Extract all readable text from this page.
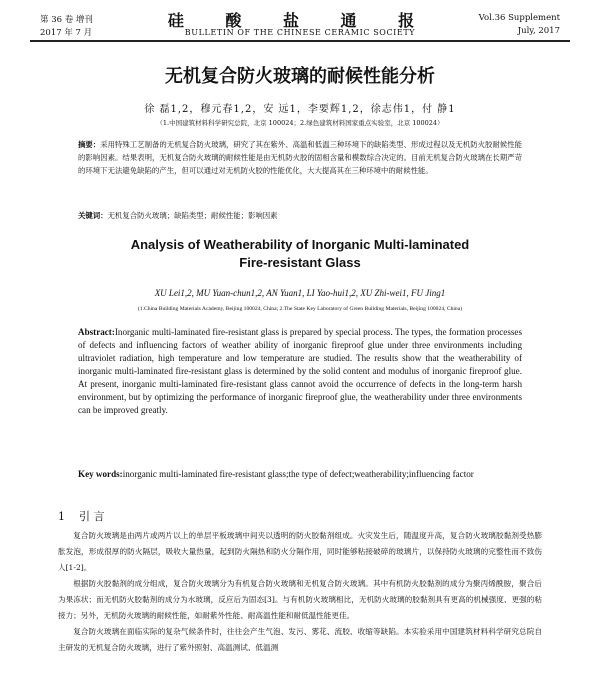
第 36 卷 增刊
2017 年 7 月
硅 酸 盐 通 报
BULLETIN OF THE CHINESE CERAMIC SOCIETY
Vol.36 Supplement
July, 2017
无机复合防火玻璃的耐候性能分析
徐 磊1,2，穆元春1,2，安 远1，李要辉1,2，徐志伟1，付 静1
（1.中国建筑材料科学研究总院，北京 100024；2.绿色建筑材料国家重点实验室，北京 100024）
摘要：采用特殊工艺制备的无机复合防火玻璃，研究了其在紫外、高温和低温三种环境下的缺陷类型、形成过程以及无机防火胶耐候性能的影响因素。结果表明，无机复合防火玻璃的耐候性能是由无机防火胶的固相含量和模数综合决定的。目前无机复合防火玻璃在长期严苛的环境下无法避免缺陷的产生，但可以通过对无机防火胶的性能优化，大大提高其在三种环境中的耐候性能。
关键词：无机复合防火玻璃；缺陷类型；耐候性能；影响因素
Analysis of Weatherability of Inorganic Multi-laminated
Fire-resistant Glass
XU Lei1,2, MU Yuan-chun1,2, AN Yuan1, LI Yao-hui1,2, XU Zhi-wei1, FU Jing1
(1.China Building Materials Academy, Beijing 100024, China; 2.The State Key Laboratory of Green Building Materials, Beijing 100024, China)
Abstract:Inorganic multi-laminated fire-resistant glass is prepared by special process. The types, the formation processes of defects and influencing factors of weather ability of inorganic fireproof glue under three environments including ultraviolet radiation, high temperature and low temperature are studied. The results show that the weatherability of inorganic multi-laminated fire-resistant glass is determined by the solid content and modulus of inorganic fireproof glue. At present, inorganic multi-laminated fire-resistant glass cannot avoid the occurrence of defects in the long-term harsh environment, but by optimizing the performance of inorganic fireproof glue, the weatherability under three environments can be improved greatly.
Key words:inorganic multi-laminated fire-resistant glass;the type of defect;weatherability;influencing factor
1 引 言

复合防火玻璃是由两片或两片以上的单层平板玻璃中间夹以透明的防火胶黏剂组成。火灾发生后，随温度升高，复合防火玻璃胶黏剂受热膨胀发泡，形成很厚的防火隔层，吸收大量热量，起到防火隔热和防火分隔作用，同时能够粘接破碎的玻璃片，以保持防火玻璃的完整性而不致伤人[1-2]。

根据防火胶黏剂的成分组成，复合防火玻璃分为有机复合防火玻璃和无机复合防火玻璃。其中有机防火胶黏剂的成分为聚丙烯酰胺，聚合后为果冻状；而无机防火胶黏剂的成分为水玻璃，反应后为固态[3]。与有机防火玻璃相比，无机防火玻璃的胶黏剂具有更高的机械强度、更强的粘接力；另外，无机防火玻璃的耐候性能，如耐紫外性能、耐高温性能和耐低温性能更佳。

复合防火玻璃在面临实际的复杂气候条件时，往往会产生气泡、发污、雾花、流胶、收缩等缺陷。本实验采用中国建筑材料科学研究总院自主研发的无机复合防火玻璃，进行了紫外照射、高温测试、低温测
